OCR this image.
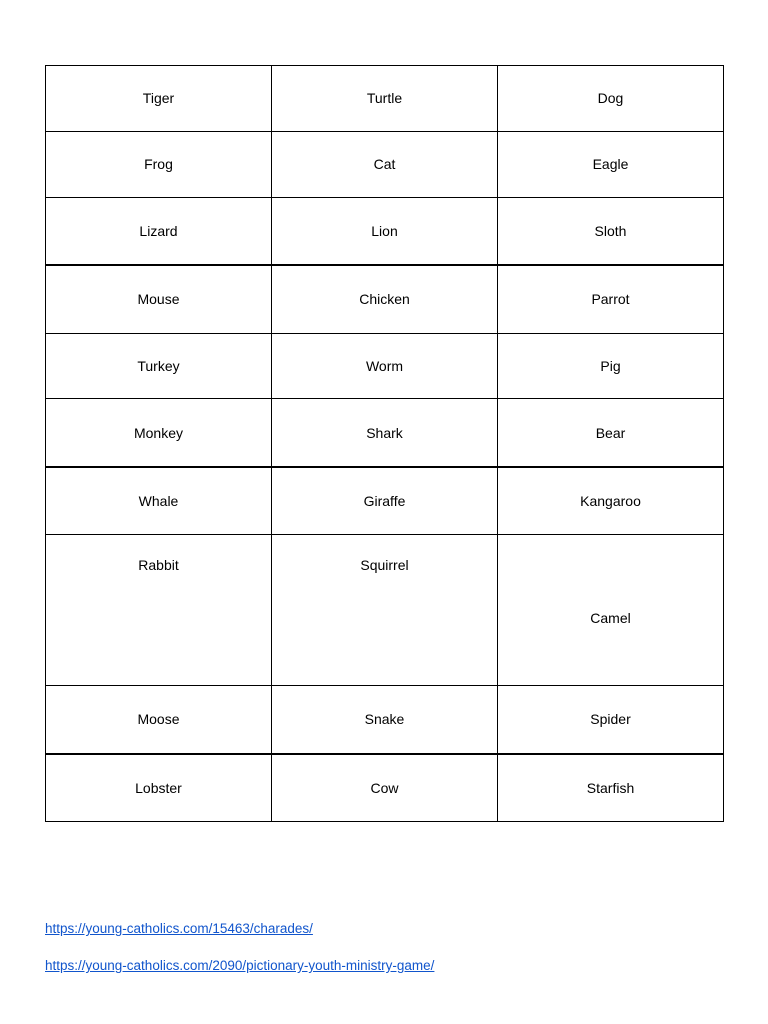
Tiger	Turtle	Dog
Frog	Cat	Eagle
Lizard	Lion	Sloth
Mouse	Chicken	Parrot
Turkey	Worm	Pig
Monkey	Shark	Bear
Whale	Giraffe	Kangaroo
Rabbit	Squirrel	Camel
Moose	Snake	Spider
Lobster	Cow	Starfish
https://young-catholics.com/15463/charades/
https://young-catholics.com/2090/pictionary-youth-ministry-game/
